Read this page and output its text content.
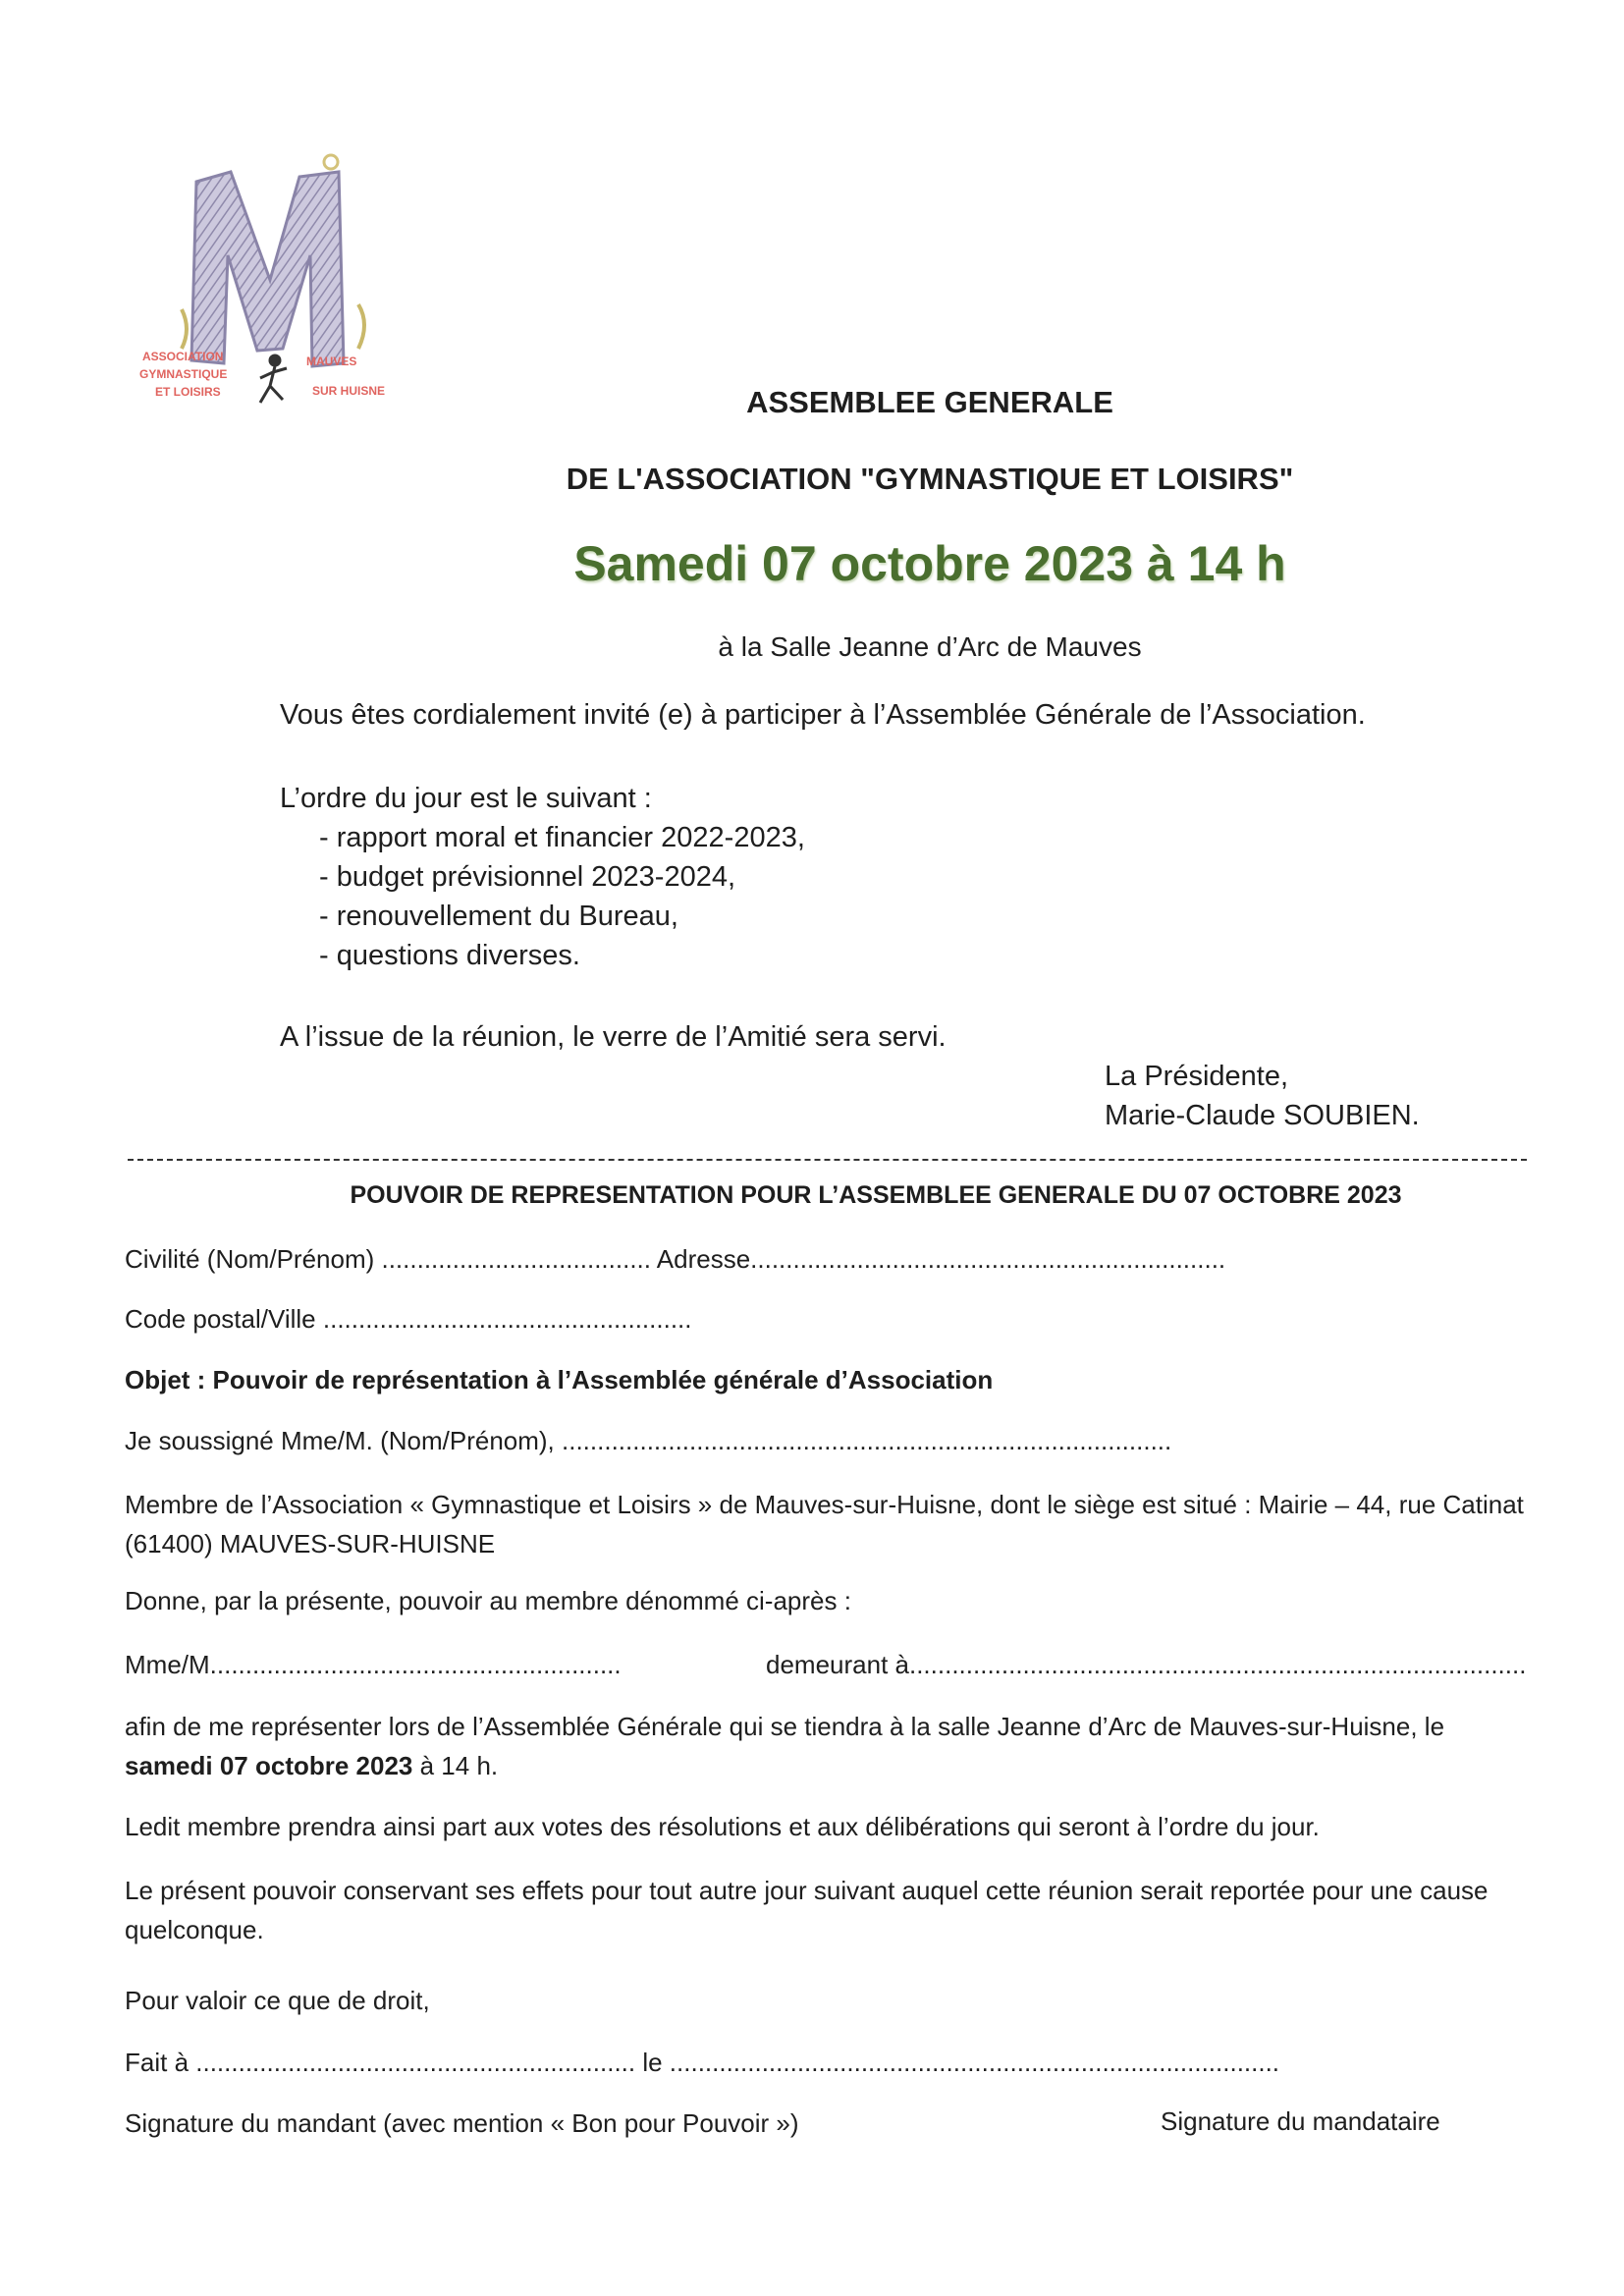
ASSOCIATION
GYMNASTIQUE
ET LOISIRS
MAUVES
SUR HUISNE	ASSEMBLEE GENERALE
DE L'ASSOCIATION "GYMNASTIQUE ET LOISIRS"
Samedi 07 octobre 2023 à 14 h
à la Salle Jeanne d’Arc de Mauves
Vous êtes cordialement invité (e) à participer à l’Assemblée Générale de l’Association.
L’ordre du jour est le suivant :
- rapport moral et financier 2022-2023,
- budget prévisionnel 2023-2024,
- renouvellement du Bureau,
- questions diverses.
A l’issue de la réunion, le verre de l’Amitié sera servi.
La Présidente,
Marie-Claude SOUBIEN.
POUVOIR DE REPRESENTATION POUR L’ASSEMBLEE GENERALE DU 07 OCTOBRE 2023
Civilité (Nom/Prénom) ...................................... Adresse...................................................................
Code postal/Ville ....................................................
Objet : Pouvoir de représentation à l’Assemblée générale d’Association
Je soussigné Mme/M. (Nom/Prénom), ......................................................................................
Membre de l’Association « Gymnastique et Loisirs » de Mauves-sur-Huisne, dont le siège est situé : Mairie – 44, rue Catinat (61400) MAUVES-SUR-HUISNE
Donne, par la présente, pouvoir au membre dénommé ci-après :
Mme/M..........................................................	demeurant à.......................................................................................
afin de me représenter lors de l’Assemblée Générale qui se tiendra à la salle Jeanne d’Arc de Mauves-sur-Huisne, le samedi 07 octobre 2023 à 14 h.
Ledit membre prendra ainsi part aux votes des résolutions et aux délibérations qui seront à l’ordre du jour.
Le présent pouvoir conservant ses effets pour tout autre jour suivant auquel cette réunion serait reportée pour une cause quelconque.
Pour valoir ce que de droit,
Fait à .............................................................. le ......................................................................................
Signature du mandant (avec mention « Bon pour Pouvoir »)	Signature du mandataire
